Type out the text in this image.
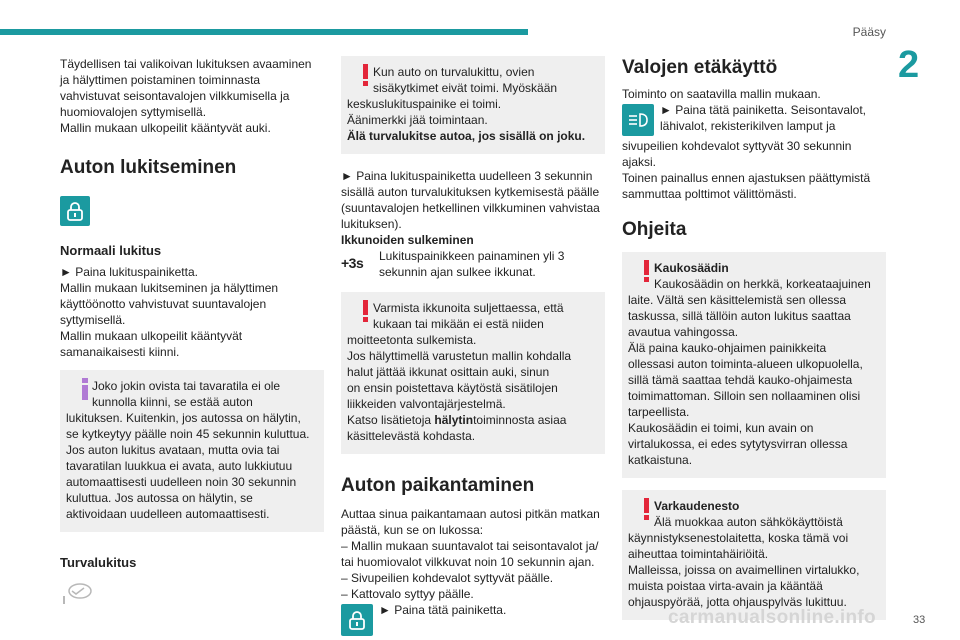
Pääsy
2

Täydellisen tai valikoivan lukituksen avaaminen

ja hälyttimen poistaminen toiminnasta

vahvistuvat seisontavalojen vilkkumisella ja

huomiovalojen syttymisellä.

Mallin mukaan ulkopeilit kääntyvät auki.

Auton lukitseminen
Normaali lukitus

► Paina lukituspainiketta.

Mallin mukaan lukitseminen ja hälyttimen

käyttöönotto vahvistuvat suuntavalojen

syttymisellä.

Mallin mukaan ulkopeilit kääntyvät

samanaikaisesti kiinni.

Joko jokin ovista tai tavaratila ei ole

kunnolla kiinni, se estää auton

lukituksen. Kuitenkin, jos autossa on hälytin,

se kytkeytyy päälle noin 45 sekunnin kuluttua.

Jos auton lukitus avataan, mutta ovia tai

tavaratilan luukkua ei avata, auto lukkiutuu

automaattisesti uudelleen noin 30 sekunnin

kuluttua. Jos autossa on hälytin, se

aktivoidaan uudelleen automaattisesti.

Turvalukitus

Kun auto on turvalukittu, ovien

sisäkytkimet eivät toimi. Myöskään

keskuslukituspainike ei toimi.

Äänimerkki jää toimintaan.

Älä turvalukitse autoa, jos sisällä on joku.

► Paina lukituspainiketta uudelleen 3 sekunnin

sisällä auton turvalukituksen kytkemisestä päälle

(suuntavalojen hetkellinen vilkkuminen vahvistaa

lukituksen).

Ikkunoiden sulkeminen

+3s	Lukituspainikkeen painaminen yli 3

sekunnin ajan sulkee ikkunat.

Varmista ikkunoita suljettaessa, että

kukaan tai mikään ei estä niiden

moitteetonta sulkemista.

Jos hälyttimellä varustetun mallin kohdalla

halut jättää ikkunat osittain auki, sinun

on ensin poistettava käytöstä sisätilojen

liikkeiden valvontajärjestelmä.

Katso lisätietoja hälytintoiminnosta asiaa

käsittelevästä kohdasta.

Auton paikantaminen

Auttaa sinua paikantamaan autosi pitkän matkan

päästä, kun se on lukossa:

– Mallin mukaan suuntavalot tai seisontavalot ja/

tai huomiovalot vilkkuvat noin 10 sekunnin ajan.

– Sivupeilien kohdevalot syttyvät päälle.

– Kattovalo syttyy päälle.

► Paina tätä painiketta.

Valojen etäkäyttö

Toiminto on saatavilla mallin mukaan.

► Paina tätä painiketta. Seisontavalot,

lähivalot, rekisterikilven lamput ja

sivupeilien kohdevalot syttyvät 30 sekunnin

ajaksi.

Toinen painallus ennen ajastuksen päättymistä

sammuttaa polttimot välittömästi.

Ohjeita

Kaukosäädin

Kaukosäädin on herkkä, korkeataajuinen

laite. Vältä sen käsittelemistä sen ollessa

taskussa, sillä tällöin auton lukitus saattaa

avautua vahingossa.

Älä paina kauko-ohjaimen painikkeita

ollessasi auton toiminta-alueen ulkopuolella,

sillä tämä saattaa tehdä kauko-ohjaimesta

toimimattoman. Silloin sen nollaaminen olisi

tarpeellista.

Kaukosäädin ei toimi, kun avain on

virtalukossa, ei edes sytytysvirran ollessa

katkaistuna.

Varkaudenesto

Älä muokkaa auton sähkökäyttöistä

käynnistyksenestolaitetta, koska tämä voi

aiheuttaa toimintahäiriöitä.

Malleissa, joissa on avaimellinen virtalukko,

muista poistaa virta-avain ja kääntää

ohjauspyörää, jotta ohjauspylväs lukittuu.

carmanualsonline.info	33
